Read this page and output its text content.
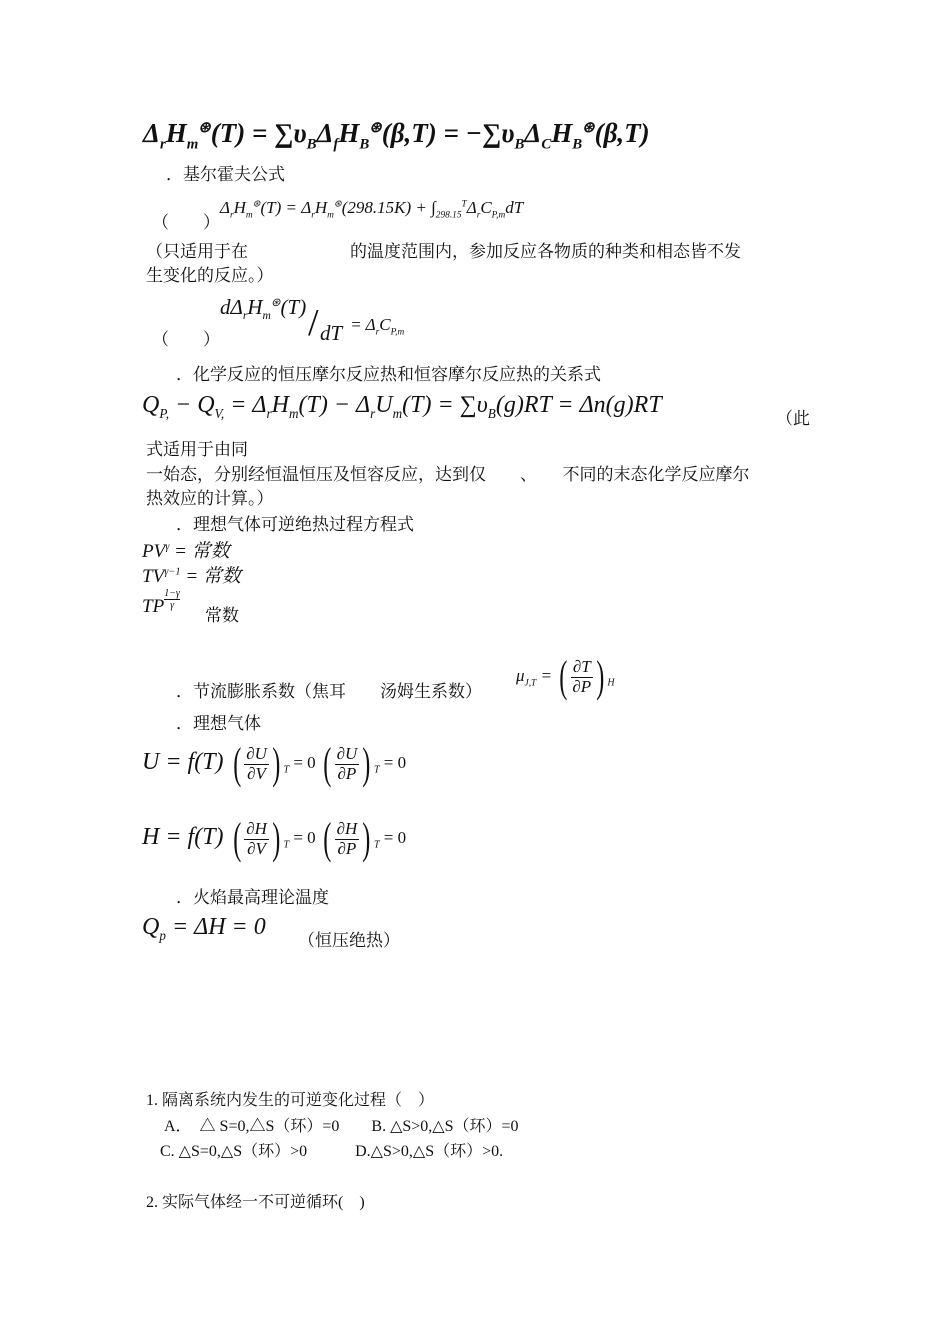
$\Delta_rH_m^⊛(T) = \sum\upsilon_B\Delta_fH_B^⊛(\beta,T) = -\sum\upsilon_B\Delta_CH_B^⊛(\beta,T)$
．基尔霍夫公式
（　　）
$\Delta_rH_m^⊛(T) = \Delta_rH_m^⊛(298.15K) + \int_{298.15}^T\Delta_rC_{P,m}dT$
（只适用于在　　　　　　的温度范围内，参加反应各物质的种类和相态皆不发
生变化的反应。）
（　　）
$d\Delta_rH_m^⊛(T)$ / dT = $\Delta_rC_{P,m}$
．化学反应的恒压摩尔反应热和恒容摩尔反应热的关系式
$Q_{P,} - Q_{V,} = \Delta_rH_m(T) - \Delta_rU_m(T) = \sum\upsilon_B(g)RT = \Delta n(g)RT$
（此
式适用于由同
一始态，分别经恒温恒压及恒容反应，达到仅　　、　　不同的末态化学反应摩尔
热效应的计算。）
．理想气体可逆绝热过程方程式
$PV^\gamma$ = 常数
$TV^{\gamma-1}$ = 常数
TP $\frac{1-\gamma}{\gamma}$
常数
$\mu_{J,T}$ = ( $\frac{\partial T}{\partial P}$ ) $_H$
．节流膨胀系数（焦耳　　汤姆生系数）
．理想气体
U = f(T) ( $\frac{\partial U}{\partial V}$ ) $_T$ = 0 ( $\frac{\partial U}{\partial P}$ ) $_T$ = 0
H = f(T) ( $\frac{\partial H}{\partial V}$ ) $_T$ = 0 ( $\frac{\partial H}{\partial P}$ ) $_T$ = 0
．火焰最高理论温度
$Q_p = \Delta H = 0$
（恒压绝热）
1. 隔离系统内发生的可逆变化过程（　）
A．　△ S=0,△S（环）=0　　B. △S>0,△S（环）=0
C. △S=0,△S（环）>0　　　D.△S>0,△S（环）>0.
2. 实际气体经一不可逆循环(　)
